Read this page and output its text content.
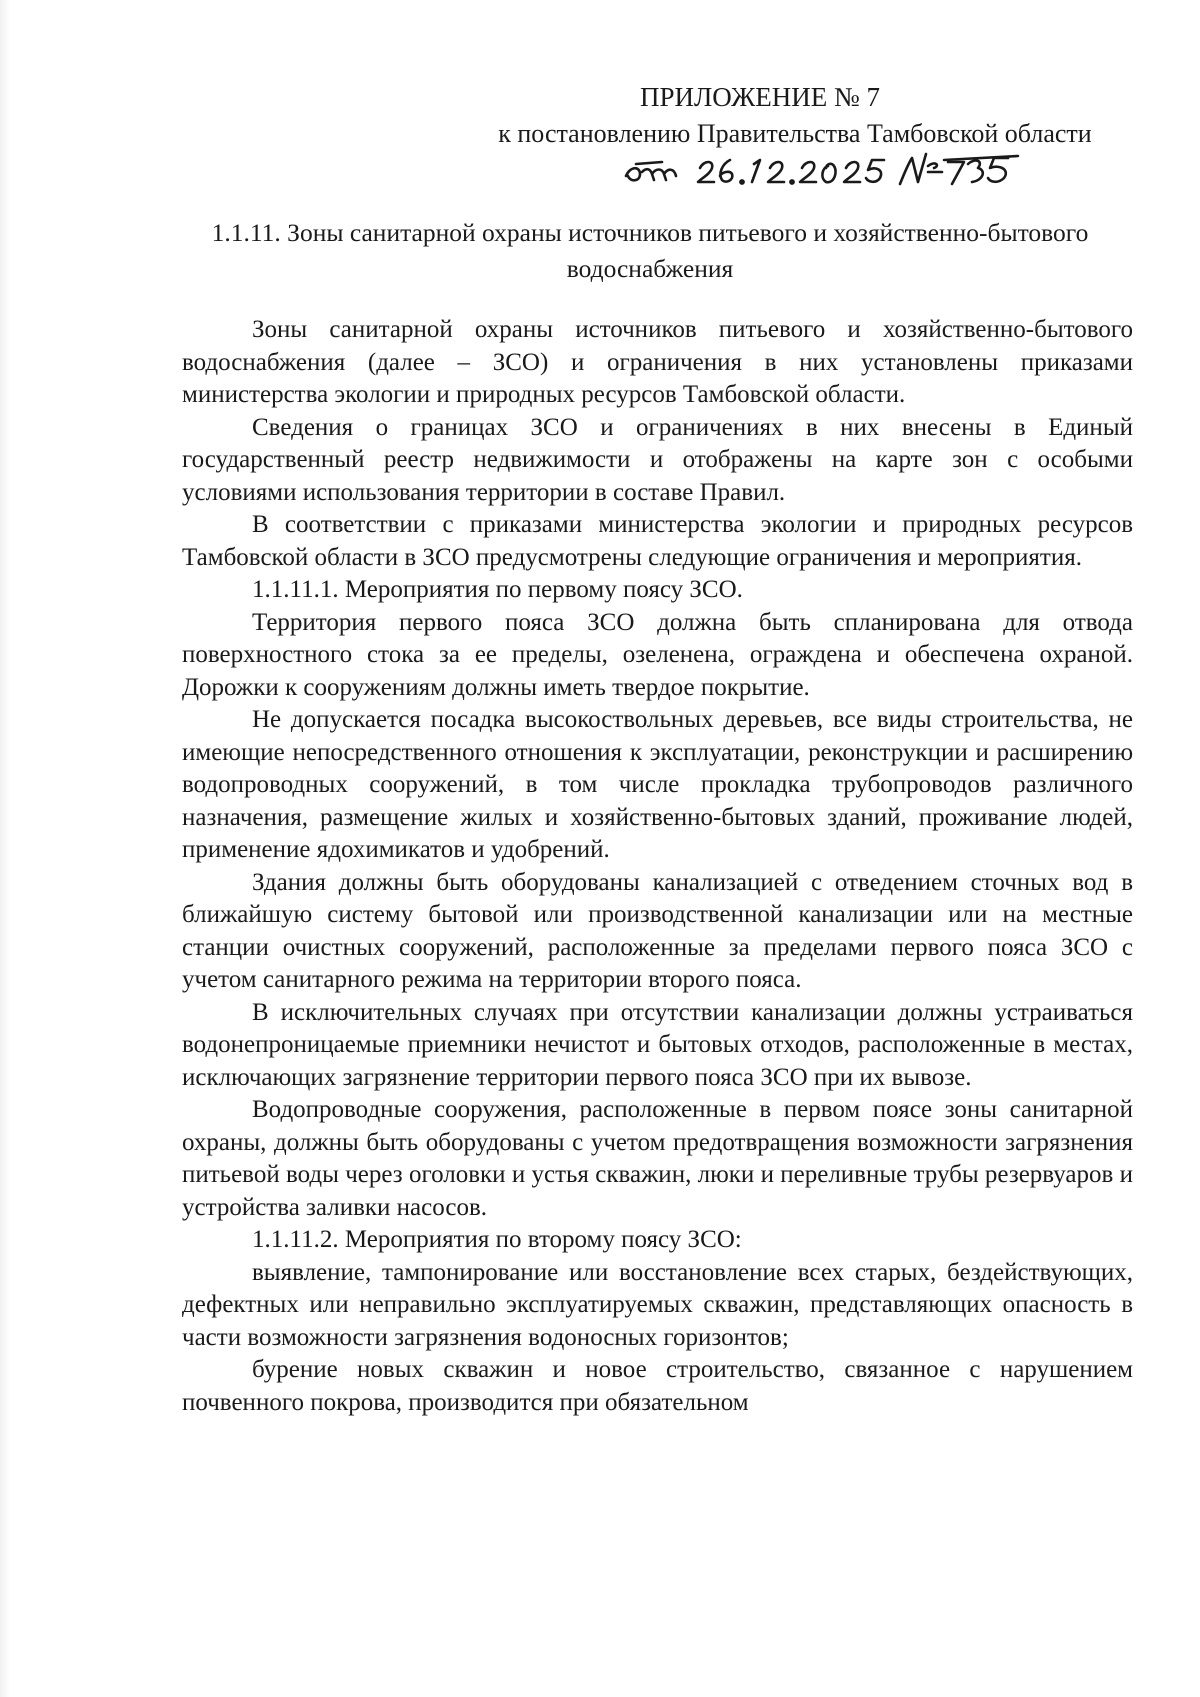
ПРИЛОЖЕНИЕ № 7

к постановлению Правительства Тамбовской области

1.1.11. Зоны санитарной охраны источников питьевого и хозяйственно-бытового водоснабжения

Зоны санитарной охраны источников питьевого и хозяйственно-бытового водоснабжения (далее – ЗСО) и ограничения в них установлены приказами министерства экологии и природных ресурсов Тамбовской области.

Сведения о границах ЗСО и ограничениях в них внесены в Единый государственный реестр недвижимости и отображены на карте зон с особыми условиями использования территории в составе Правил.

В соответствии с приказами министерства экологии и природных ресурсов Тамбовской области в ЗСО предусмотрены следующие ограничения и мероприятия.

1.1.11.1. Мероприятия по первому поясу ЗСО.

Территория первого пояса ЗСО должна быть спланирована для отвода поверхностного стока за ее пределы, озеленена, ограждена и обеспечена охраной. Дорожки к сооружениям должны иметь твердое покрытие.

Не допускается посадка высокоствольных деревьев, все виды строительства, не имеющие непосредственного отношения к эксплуатации, реконструкции и расширению водопроводных сооружений, в том числе прокладка трубопроводов различного назначения, размещение жилых и хозяйственно-бытовых зданий, проживание людей, применение ядохимикатов и удобрений.

Здания должны быть оборудованы канализацией с отведением сточных вод в ближайшую систему бытовой или производственной канализации или на местные станции очистных сооружений, расположенные за пределами первого пояса ЗСО с учетом санитарного режима на территории второго пояса.

В исключительных случаях при отсутствии канализации должны устраиваться водонепроницаемые приемники нечистот и бытовых отходов, расположенные в местах, исключающих загрязнение территории первого пояса ЗСО при их вывозе.

Водопроводные сооружения, расположенные в первом поясе зоны санитарной охраны, должны быть оборудованы с учетом предотвращения возможности загрязнения питьевой воды через оголовки и устья скважин, люки и переливные трубы резервуаров и устройства заливки насосов.

1.1.11.2. Мероприятия по второму поясу ЗСО:

выявление, тампонирование или восстановление всех старых, бездействующих, дефектных или неправильно эксплуатируемых скважин, представляющих опасность в части возможности загрязнения водоносных горизонтов;

бурение новых скважин и новое строительство, связанное с нарушением почвенного покрова, производится при обязательном
